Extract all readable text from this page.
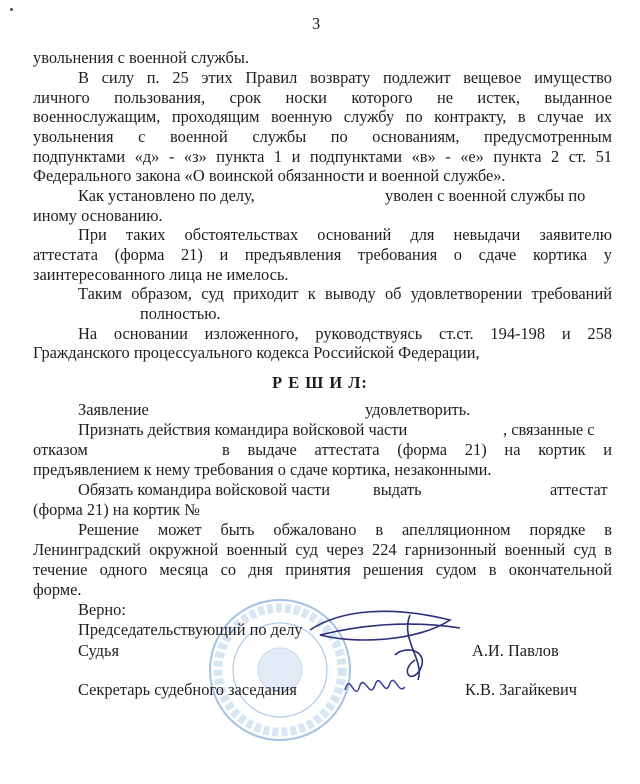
3
увольнения с военной службы.
В силу п. 25 этих Правил возврату подлежит вещевое имущество
личного пользования, срок носки которого не истек, выданное
военнослужащим, проходящим военную службу по контракту, в случае их
увольнения с военной службы по основаниям, предусмотренным
подпунктами «д» - «з» пункта 1 и подпунктами «в» - «е» пункта 2 ст. 51
Федерального закона «О воинской обязанности и военной службе».
Как установлено по делу,	уволен с военной службы по
иному основанию.
При таких обстоятельствах оснований для невыдачи заявителю
аттестата (форма 21) и предъявления требования о сдаче кортика у
заинтересованного лица не имелось.
Таким образом, суд приходит к выводу об удовлетворении требований
полностью.
На основании изложенного, руководствуясь ст.ст. 194-198 и 258
Гражданского процессуального кодекса Российской Федерации,
Р Е Ш И Л:
Заявление	удовлетворить.
Признать действия командира войсковой части	, связанные с
отказом	в выдаче аттестата (форма 21) на кортик и
предъявлением к нему требования о сдаче кортика, незаконными.
Обязать командира войсковой части	выдать	аттестат
(форма 21) на кортик №
Решение может быть обжаловано в апелляционном порядке в
Ленинградский окружной военный суд через 224 гарнизонный военный суд в
течение одного месяца со дня принятия решения судом в окончательной
форме.
Верно:
Председательствующий по делу
Судья	А.И. Павлов
Секретарь судебного заседания	К.В. Загайкевич
